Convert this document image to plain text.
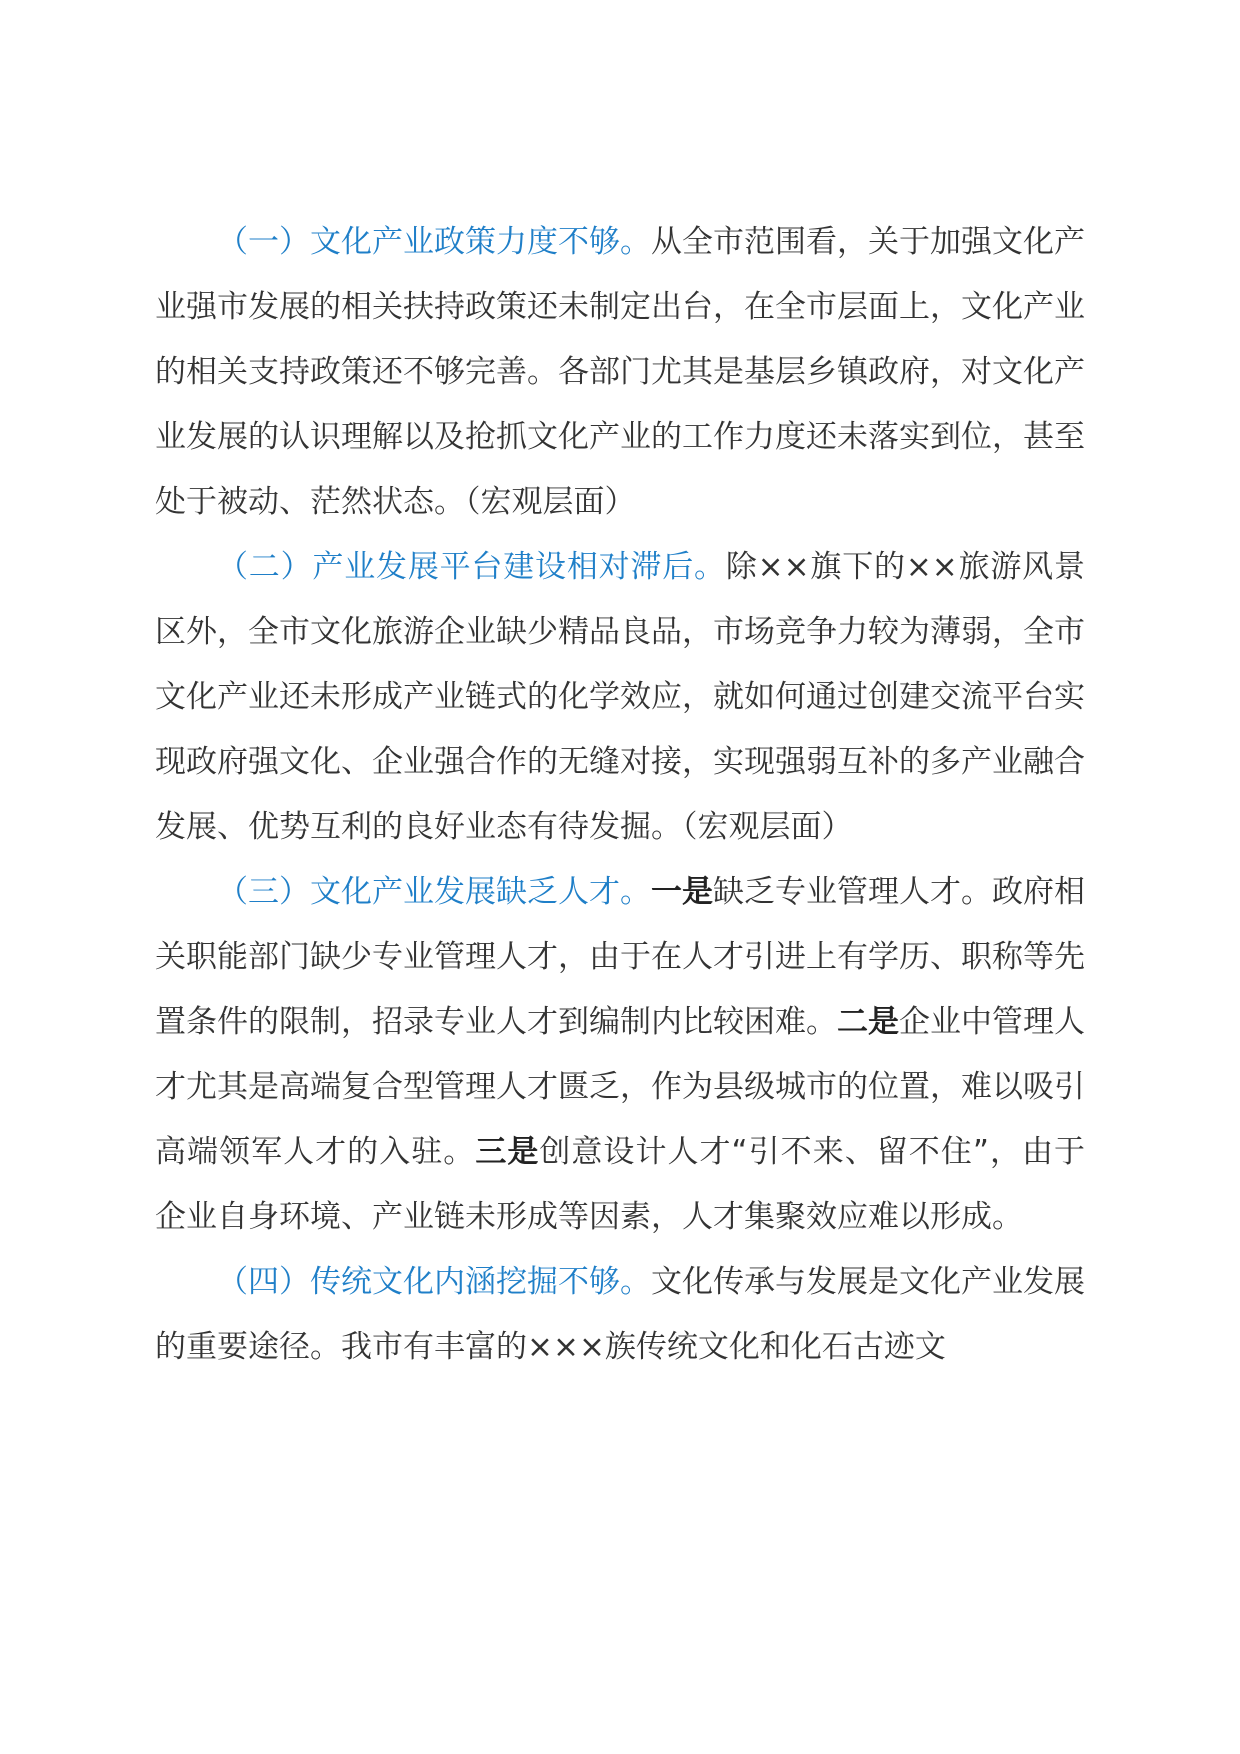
（一）文化产业政策力度不够。从全市范围看，关于加强文化产业强市发展的相关扶持政策还未制定出台，在全市层面上，文化产业的相关支持政策还不够完善。各部门尤其是基层乡镇政府，对文化产业发展的认识理解以及抢抓文化产业的工作力度还未落实到位，甚至处于被动、茫然状态。（宏观层面）

（二）产业发展平台建设相对滞后。除××旗下的××旅游风景区外，全市文化旅游企业缺少精品良品，市场竞争力较为薄弱，全市文化产业还未形成产业链式的化学效应，就如何通过创建交流平台实现政府强文化、企业强合作的无缝对接，实现强弱互补的多产业融合发展、优势互利的良好业态有待发掘。（宏观层面）

（三）文化产业发展缺乏人才。一是缺乏专业管理人才。政府相关职能部门缺少专业管理人才，由于在人才引进上有学历、职称等先置条件的限制，招录专业人才到编制内比较困难。二是企业中管理人才尤其是高端复合型管理人才匮乏，作为县级城市的位置，难以吸引高端领军人才的入驻。三是创意设计人才“引不来、留不住”，由于企业自身环境、产业链未形成等因素，人才集聚效应难以形成。

（四）传统文化内涵挖掘不够。文化传承与发展是文化产业发展的重要途径。我市有丰富的×××族传统文化和化石古迹文
